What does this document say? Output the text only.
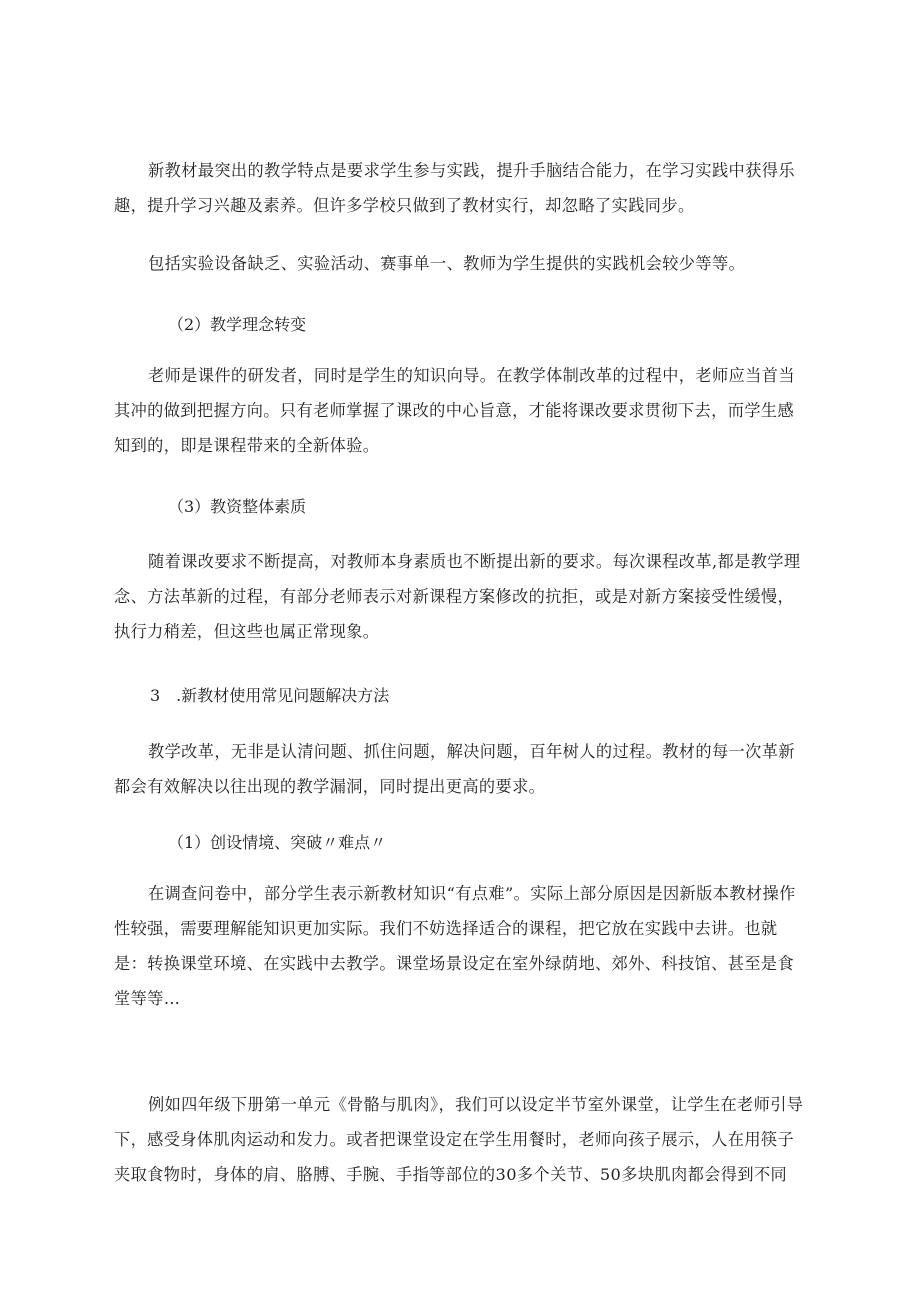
新教材最突出的教学特点是要求学生参与实践，提升手脑结合能力，在学习实践中获得乐趣，提升学习兴趣及素养。但许多学校只做到了教材实行，却忽略了实践同步。

包括实验设备缺乏、实验活动、赛事单一、教师为学生提供的实践机会较少等等。

（2）教学理念转变

老师是课件的研发者，同时是学生的知识向导。在教学体制改革的过程中，老师应当首当其冲的做到把握方向。只有老师掌握了课改的中心旨意，才能将课改要求贯彻下去，而学生感知到的，即是课程带来的全新体验。

（3）教资整体素质

随着课改要求不断提高，对教师本身素质也不断提出新的要求。每次课程改革,都是教学理念、方法革新的过程，有部分老师表示对新课程方案修改的抗拒，或是对新方案接受性缓慢，执行力稍差，但这些也属正常现象。

3　.新教材使用常见问题解决方法

教学改革，无非是认清问题、抓住问题，解决问题，百年树人的过程。教材的每一次革新都会有效解决以往出现的教学漏洞，同时提出更高的要求。

（1）创设情境、突破〃难点〃

在调查问卷中，部分学生表示新教材知识“有点难”。实际上部分原因是因新版本教材操作性较强，需要理解能知识更加实际。我们不妨选择适合的课程，把它放在实践中去讲。也就是：转换课堂环境、在实践中去教学。课堂场景设定在室外绿荫地、郊外、科技馆、甚至是食堂等等…

例如四年级下册第一单元《骨骼与肌肉》，我们可以设定半节室外课堂，让学生在老师引导下，感受身体肌肉运动和发力。或者把课堂设定在学生用餐时，老师向孩子展示，人在用筷子夹取食物时，身体的肩、胳膊、手腕、手指等部位的30多个关节、50多块肌肉都会得到不同
